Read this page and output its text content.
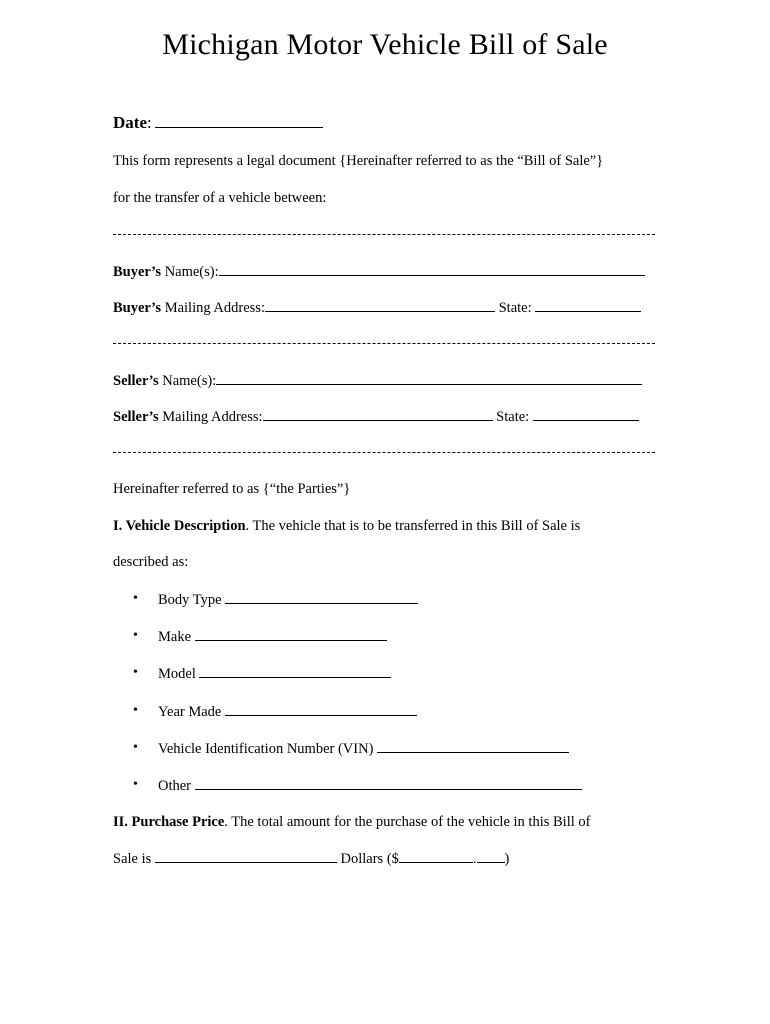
Michigan Motor Vehicle Bill of Sale
Date:
This form represents a legal document {Hereinafter referred to as the “Bill of Sale”}
for the transfer of a vehicle between:
Buyer’s Name(s):
Buyer’s Mailing Address:	State:
Seller’s Name(s):
Seller’s Mailing Address:	State:
Hereinafter referred to as {“the Parties”}
I. Vehicle Description. The vehicle that is to be transferred in this Bill of Sale is
described as:
• Body Type
• Make
• Model
• Year Made
• Vehicle Identification Number (VIN)
• Other
II. Purchase Price. The total amount for the purchase of the vehicle in this Bill of
Sale is	Dollars ($	. )
